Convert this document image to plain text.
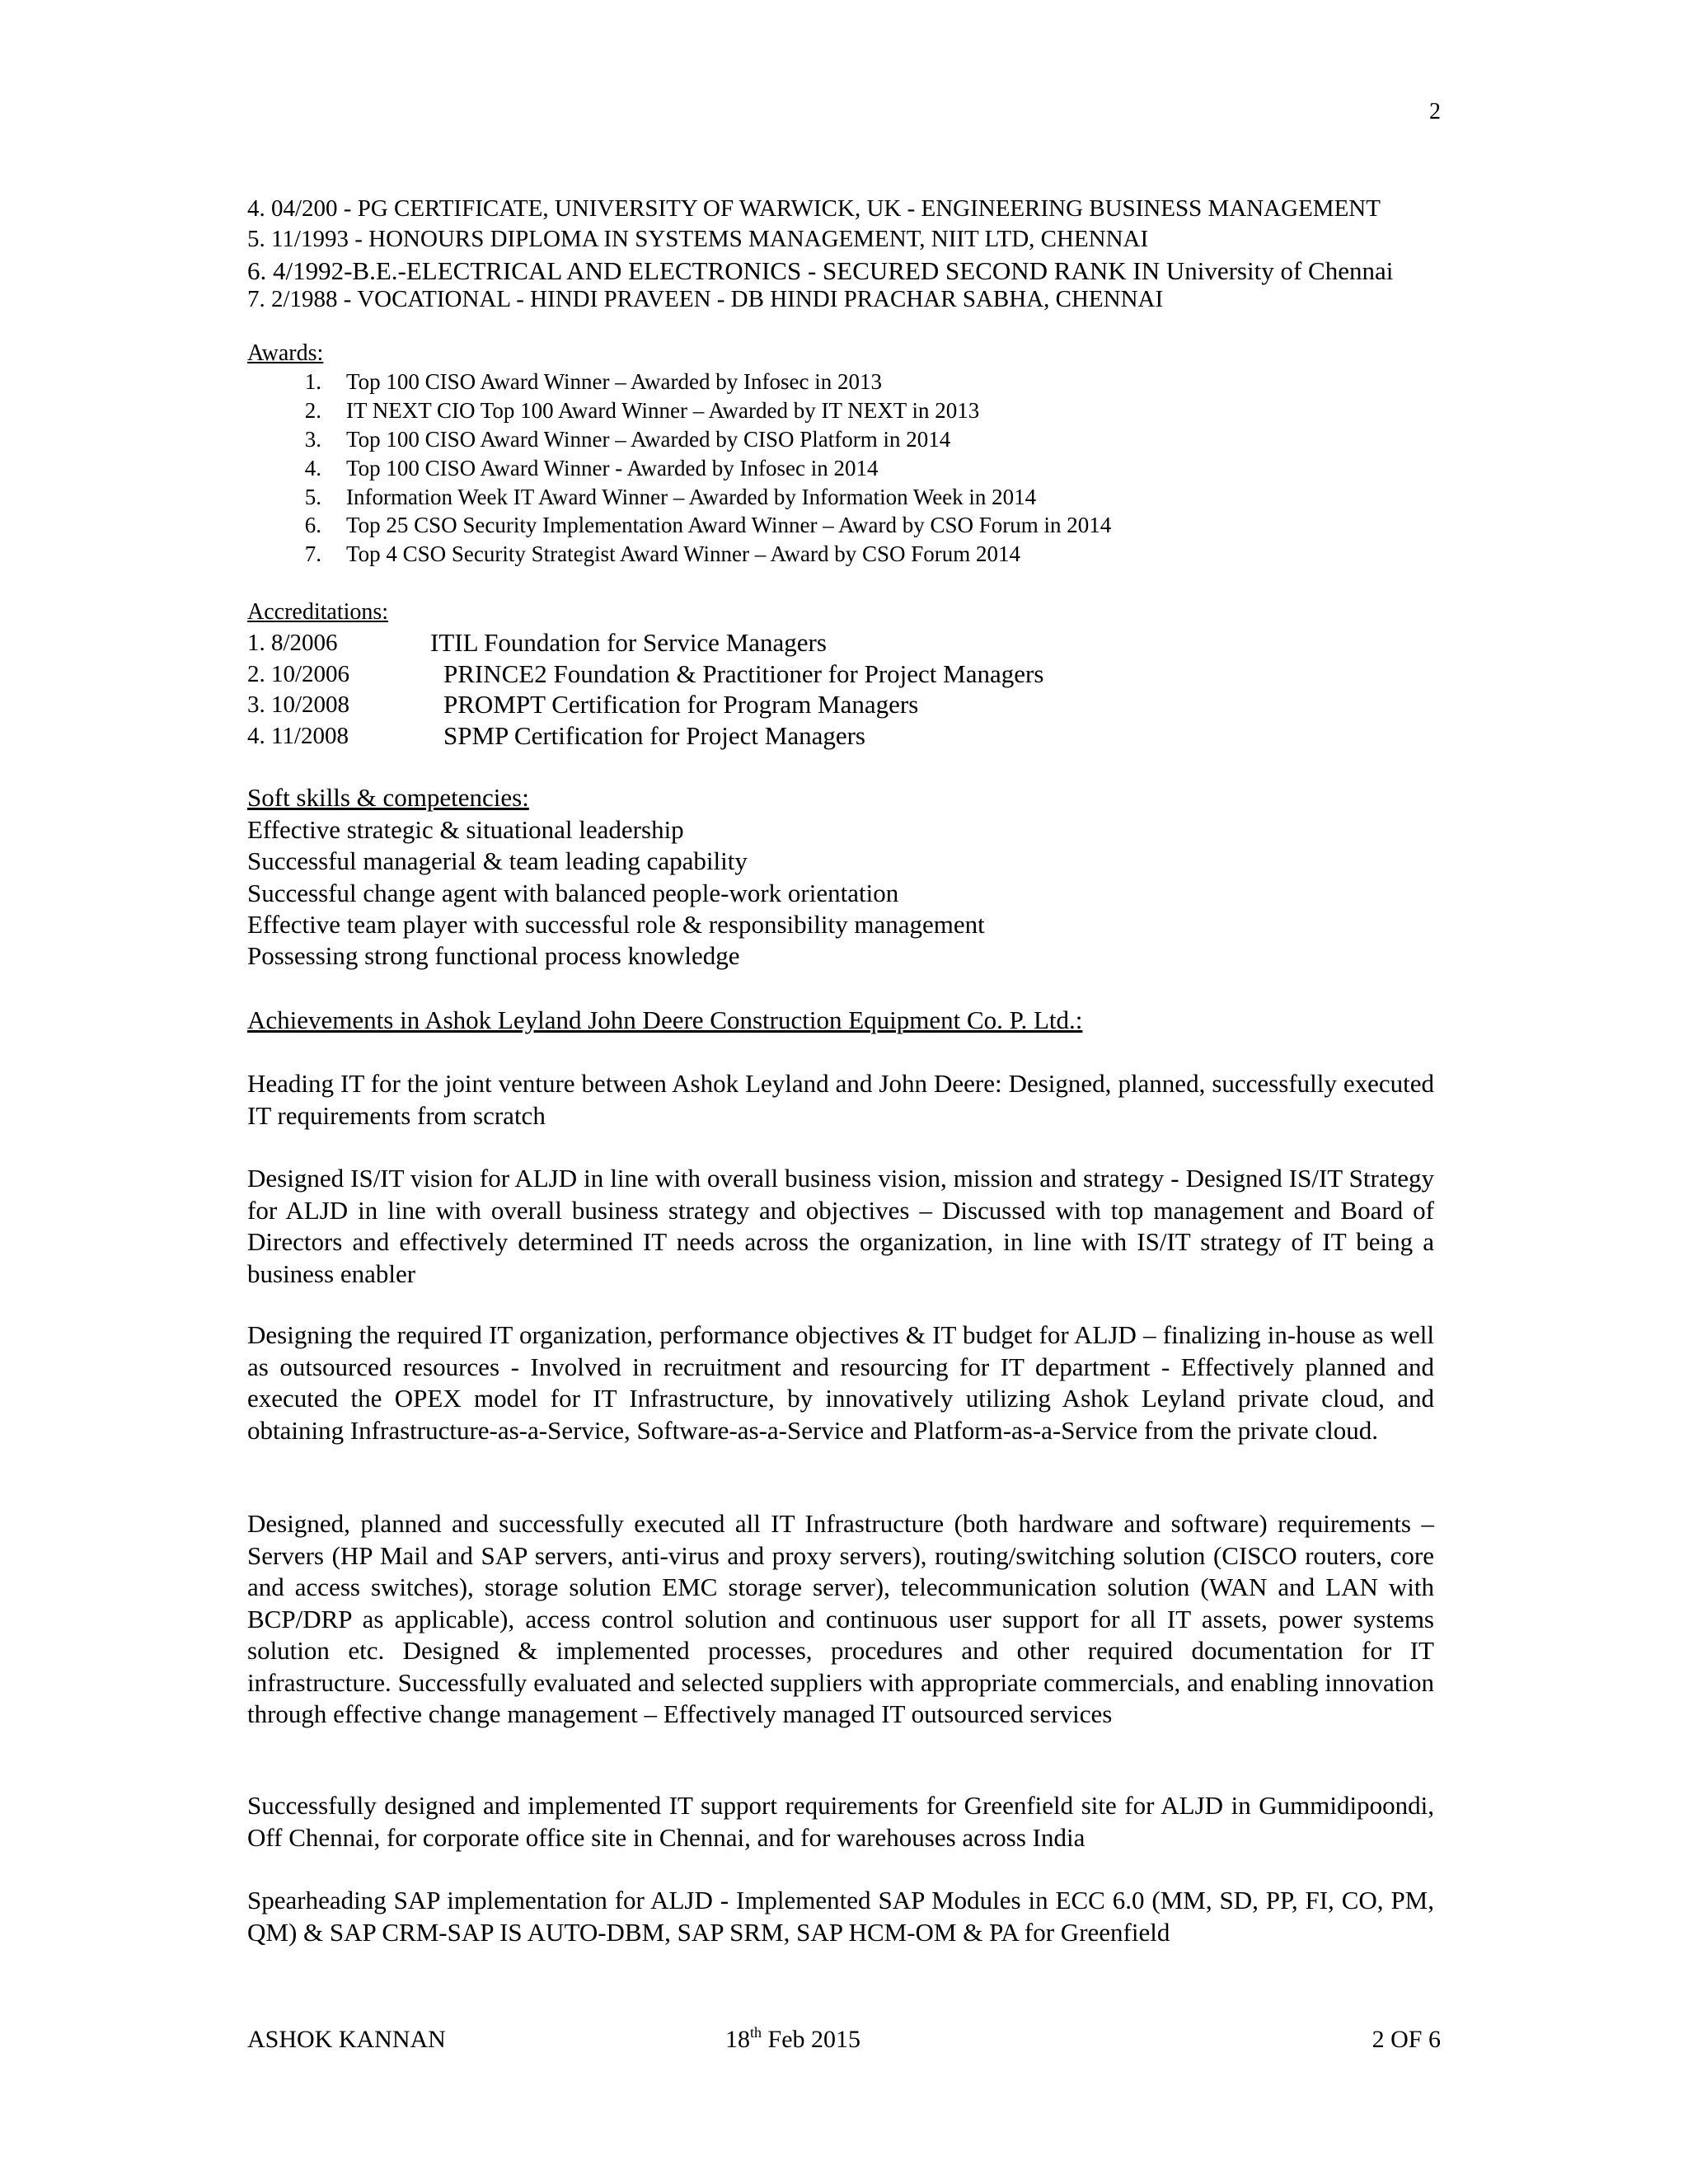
2
4. 04/200 - PG CERTIFICATE, UNIVERSITY OF WARWICK, UK - ENGINEERING BUSINESS MANAGEMENT
5. 11/1993 - HONOURS DIPLOMA IN SYSTEMS MANAGEMENT, NIIT LTD, CHENNAI
6. 4/1992-B.E.-ELECTRICAL AND ELECTRONICS - SECURED SECOND RANK IN University of Chennai
7. 2/1988 - VOCATIONAL - HINDI PRAVEEN - DB HINDI PRACHAR SABHA, CHENNAI
Awards:
1. Top 100 CISO Award Winner – Awarded by Infosec in 2013
2. IT NEXT CIO Top 100 Award Winner – Awarded by IT NEXT in 2013
3. Top 100 CISO Award Winner – Awarded by CISO Platform in 2014
4. Top 100 CISO Award Winner - Awarded by Infosec in 2014
5. Information Week IT Award Winner – Awarded by Information Week in 2014
6. Top 25 CSO Security Implementation Award Winner – Award by CSO Forum in 2014
7. Top 4 CSO Security Strategist Award Winner – Award by CSO Forum 2014
Accreditations:
1. 8/2006	ITIL Foundation for Service Managers
2. 10/2006	PRINCE2 Foundation & Practitioner for Project Managers
3. 10/2008	PROMPT Certification for Program Managers
4. 11/2008	SPMP Certification for Project Managers
Soft skills & competencies:
Effective strategic & situational leadership
Successful managerial & team leading capability
Successful change agent with balanced people-work orientation
Effective team player with successful role & responsibility management
Possessing strong functional process knowledge
Achievements in Ashok Leyland John Deere Construction Equipment Co. P. Ltd.:
Heading IT for the joint venture between Ashok Leyland and John Deere: Designed, planned, successfully executed IT requirements from scratch
Designed IS/IT vision for ALJD in line with overall business vision, mission and strategy - Designed IS/IT Strategy for ALJD in line with overall business strategy and objectives – Discussed with top management and Board of Directors and effectively determined IT needs across the organization, in line with IS/IT strategy of IT being a business enabler
Designing the required IT organization, performance objectives & IT budget for ALJD – finalizing in-house as well as outsourced resources - Involved in recruitment and resourcing for IT department - Effectively planned and executed the OPEX model for IT Infrastructure, by innovatively utilizing Ashok Leyland private cloud, and obtaining Infrastructure-as-a-Service, Software-as-a-Service and Platform-as-a-Service from the private cloud.
Designed, planned and successfully executed all IT Infrastructure (both hardware and software) requirements – Servers (HP Mail and SAP servers, anti-virus and proxy servers), routing/switching solution (CISCO routers, core and access switches), storage solution EMC storage server), telecommunication solution (WAN and LAN with BCP/DRP as applicable), access control solution and continuous user support for all IT assets, power systems solution etc. Designed & implemented processes, procedures and other required documentation for IT infrastructure. Successfully evaluated and selected suppliers with appropriate commercials, and enabling innovation through effective change management – Effectively managed IT outsourced services
Successfully designed and implemented IT support requirements for Greenfield site for ALJD in Gummidipoondi, Off Chennai, for corporate office site in Chennai, and for warehouses across India
Spearheading SAP implementation for ALJD - Implemented SAP Modules in ECC 6.0 (MM, SD, PP, FI, CO, PM, QM) & SAP CRM-SAP IS AUTO-DBM, SAP SRM, SAP HCM-OM & PA for Greenfield
ASHOK KANNAN	18th Feb 2015	2 OF 6
